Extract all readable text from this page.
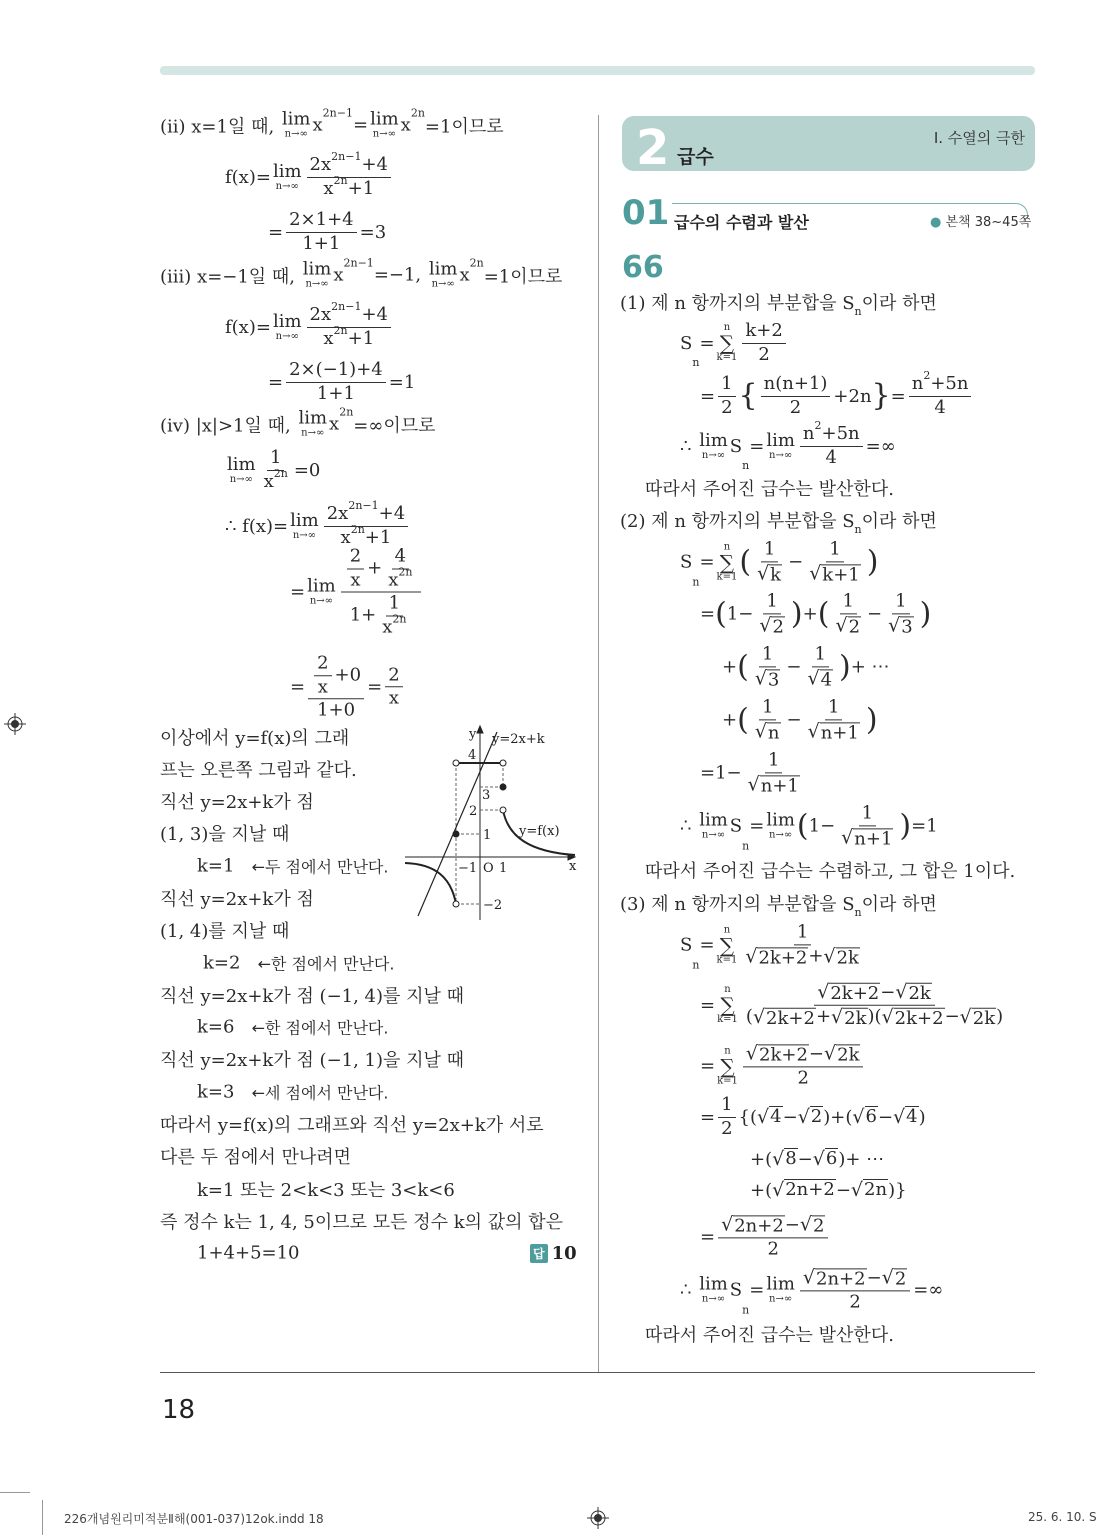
2 급수
Ⅰ. 수열의 극한
01 급수의 수렴과 발산	● 본책 38~45쪽
66
(ii) x=1일 때, lim
n→∞ x
2n−1
= lim
n→∞ x
2n
=1이므로
f(x)= lim
$n\to\infty \frac{2x 2n-1 +4}{x 2n +1}$
= $\frac{2\times 1+4}{1+1} =3$
(iii) x=−1일 때, lim
n→∞ x
2n−1
=−1, lim
n→∞ x
2n
=1이므로
f(x)= lim
$n\to\infty \frac{2x 2n-1 +4}{x 2n +1}$
= $\frac{2\times(-1)+4}{1+1} =1$
(iv) |x|>1일 때, lim
n→∞ x
2n
=∞이므로
lim
$n\to\infty \frac{1}{x 2n} =0$
∴ f(x)= lim
$n\to\infty \frac{2x 2n-1 +4}{x 2n +1}$
= lim
$n\to\infty \frac{\frac{2}{x} + \frac{4}{x 2n}}{1+ \frac{1}{x 2n}}$
= $\frac{\frac{2}{x} +0}{1+0} = \frac{2}{x}$
이상에서 y=f(x)의 그래
프는 오른쪽 그림과 같다.
직선 y=2x+k가 점
(1, 3)을 지날 때
k=1 ←두 점에서 만난다.
직선 y=2x+k가 점
(1, 4)를 지날 때
k=2 ←한 점에서 만난다.
직선 y=2x+k가 점 (−1, 4)를 지날 때
k=6 ←한 점에서 만난다.
직선 y=2x+k가 점 (−1, 1)을 지날 때
k=3 ←세 점에서 만난다.
따라서 y=f(x)의 그래프와 직선 y=2x+k가 서로
다른 두 점에서 만나려면
k=1 또는 2<k<3 또는 3<k<6
즉 정수 k는 1, 4, 5이므로 모든 정수 k의 값의 합은
1+4+5=10
(1) 제 n 항까지의 부분합을 S n 이라 하면
S
n
=
n
∑
$k=1 \frac{k+2}{2}$
= $\frac{1}{2}$ { $\frac{n(n+1)}{2} +2n$ } = $\frac{n 2 +5n}{4}$
∴ lim
n→∞ S
n
= lim
$n\to\infty \frac{n 2 +5n}{4}$ =∞
따라서 주어진 급수는 발산한다.
(2) 제 n 항까지의 부분합을 S n 이라 하면
S
n
=
n
∑
k=1 ( 1
√ k − 1
√ k+1 )
= ( 1− 1
√ 2 ) + ( 1
√ 2 − 1
√ 3 )
+ ( 1
√ 3 − 1
√ 4 ) + ⋯
+ ( 1
√ n − 1
√ n+1 )
=1− 1
√ n+1
∴ lim
n→∞ S
n
= lim
n→∞ ( 1− 1
√ n+1 ) =1
따라서 주어진 급수는 수렴하고, 그 합은 1이다.
(3) 제 n 항까지의 부분합을 S n 이라 하면
S
n
=
n
∑
k=1 1
√ 2k+2 + √ 2k
=
n
∑
k=1 √ $\frac{2k+2 - √ 2k}{( √ 2k+2 + √ 2k )( √ 2k+2 - √ 2k )}$
=
n
∑
k=1 √ $\frac{2k+2 - √ 2k}{2}$
= $\frac{1}{2}$ {( √ 4 − √ 2 )+( √ 6 − √ 4 )
+( √ 8 − √ 6 )+ ⋯
+( √ 2n+2 − √ 2n )}
= √ $\frac{2n+2 - √ 2}{2}$
∴ lim
n→∞ S
n
= lim
n→∞ √ $\frac{2n+2 - √ 2}{2}$ =∞
따라서 주어진 급수는 발산한다.
y
x
O
4
3
2
1
−1 1
−2
y=2x+k
y=f(x)
답 10
18
226개념원리미적분Ⅱ해(001-037)12ok.indd 18	25. 6. 10. S
